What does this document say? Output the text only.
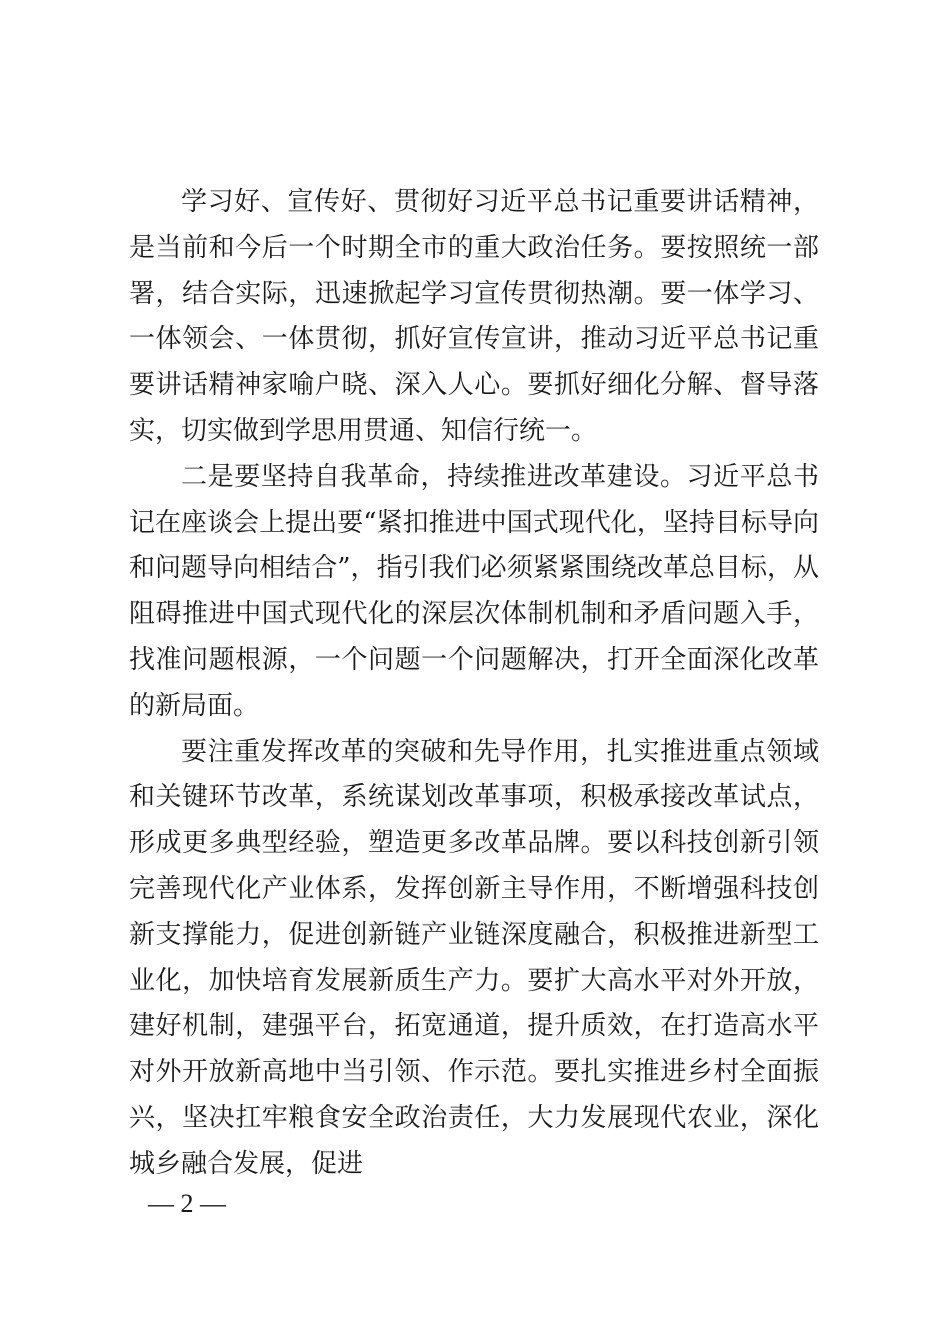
学习好、宣传好、贯彻好习近平总书记重要讲话精神，是当前和今后一个时期全市的重大政治任务。要按照统一部署，结合实际，迅速掀起学习宣传贯彻热潮。要一体学习、一体领会、一体贯彻，抓好宣传宣讲，推动习近平总书记重要讲话精神家喻户晓、深入人心。要抓好细化分解、督导落实，切实做到学思用贯通、知信行统一。

二是要坚持自我革命，持续推进改革建设。习近平总书记在座谈会上提出要“紧扣推进中国式现代化，坚持目标导向和问题导向相结合”，指引我们必须紧紧围绕改革总目标，从阻碍推进中国式现代化的深层次体制机制和矛盾问题入手，找准问题根源，一个问题一个问题解决，打开全面深化改革的新局面。

要注重发挥改革的突破和先导作用，扎实推进重点领域和关键环节改革，系统谋划改革事项，积极承接改革试点，形成更多典型经验，塑造更多改革品牌。要以科技创新引领完善现代化产业体系，发挥创新主导作用，不断增强科技创新支撑能力，促进创新链产业链深度融合，积极推进新型工业化，加快培育发展新质生产力。要扩大高水平对外开放，建好机制，建强平台，拓宽通道，提升质效，在打造高水平对外开放新高地中当引领、作示范。要扎实推进乡村全面振兴，坚决扛牢粮食安全政治责任，大力发展现代农业，深化城乡融合发展，促进

— 2 —
